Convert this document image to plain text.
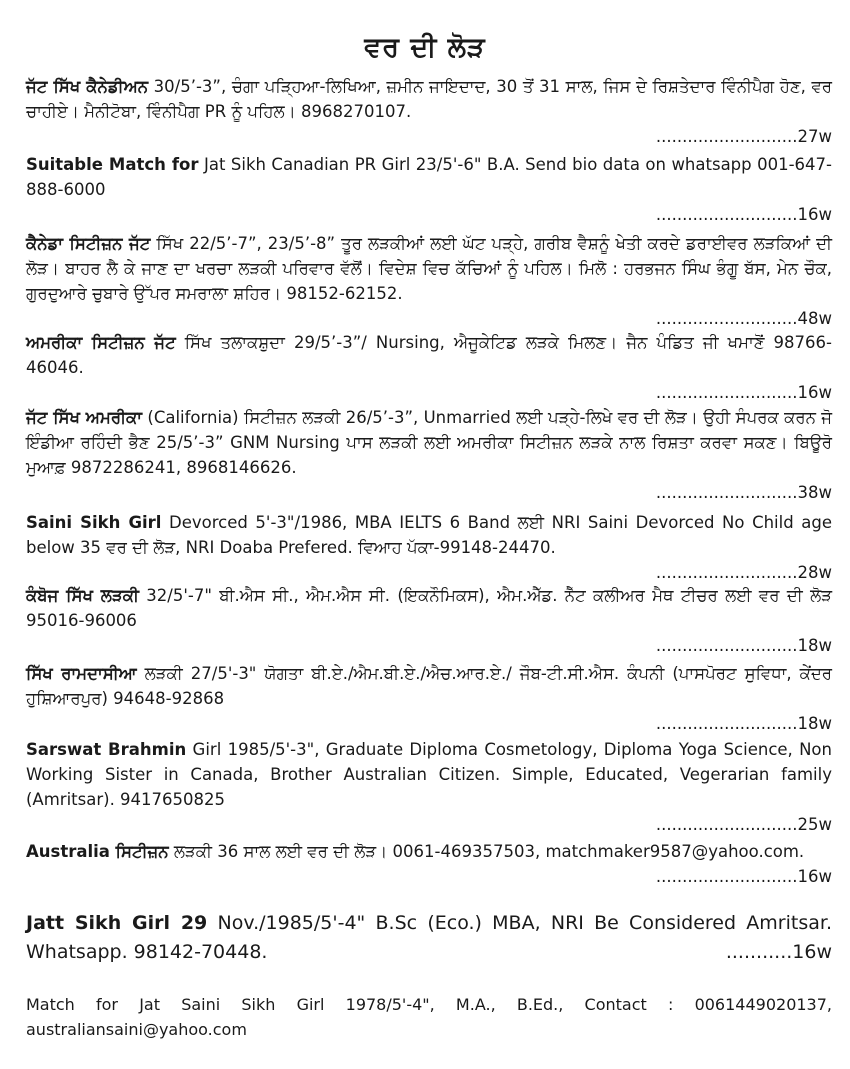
ਵਰ ਦੀ ਲੋੜ
ਜੱਟ ਸਿੱਖ ਕੈਨੇਡੀਅਨ 30/5’-3”, ਚੰਗਾ ਪੜ੍ਹਿਆ-ਲਿਖਿਆ, ਜ਼ਮੀਨ ਜਾਇਦਾਦ, 30 ਤੋਂ 31 ਸਾਲ, ਜਿਸ ਦੇ ਰਿਸ਼ਤੇਦਾਰ ਵਿੰਨੀਪੈਗ ਹੋਣ, ਵਰ ਚਾਹੀਏ। ਮੈਨੀਟੋਬਾ, ਵਿੰਨੀਪੈਗ PR ਨੂੰ ਪਹਿਲ। 8968270107.
...........................27w
Suitable Match for Jat Sikh Canadian PR Girl 23/5'-6" B.A. Send bio data on whatsapp 001-647-888-6000
...........................16w
ਕੈਨੇਡਾ ਸਿਟੀਜ਼ਨ ਜੱਟ ਸਿੱਖ 22/5’-7”, 23/5’-8” ਤੂਰ ਲੜਕੀਆਂ ਲਈ ਘੱਟ ਪੜ੍ਹੇ, ਗਰੀਬ ਵੈਸ਼ਨੂੰ ਖੇਤੀ ਕਰਦੇ ਡਰਾਈਵਰ ਲੜਕਿਆਂ ਦੀ ਲੋੜ। ਬਾਹਰ ਲੈ ਕੇ ਜਾਣ ਦਾ ਖਰਚਾ ਲੜਕੀ ਪਰਿਵਾਰ ਵੱਲੋਂ। ਵਿਦੇਸ਼ ਵਿਚ ਕੱਚਿਆਂ ਨੂੰ ਪਹਿਲ। ਮਿਲੋ : ਹਰਭਜਨ ਸਿੰਘ ਭੰਗੂ ਬੱਸ, ਮੇਨ ਚੌਕ, ਗੁਰਦੁਆਰੇ ਚੁਬਾਰੇ ਉੱਪਰ ਸਮਰਾਲਾ ਸ਼ਹਿਰ। 98152-62152.
...........................48w
ਅਮਰੀਕਾ ਸਿਟੀਜ਼ਨ ਜੱਟ ਸਿੱਖ ਤਲਾਕਸ਼ੁਦਾ 29/5’-3”/ Nursing, ਐਜੂਕੇਟਿਡ ਲੜਕੇ ਮਿਲਣ। ਜੈਨ ਪੰਡਿਤ ਜੀ ਖਮਾਣੋਂ 98766-46046.
...........................16w
ਜੱਟ ਸਿੱਖ ਅਮਰੀਕਾ (California) ਸਿਟੀਜ਼ਨ ਲੜਕੀ 26/5’-3”, Unmarried ਲਈ ਪੜ੍ਹੇ-ਲਿਖੇ ਵਰ ਦੀ ਲੋੜ। ਉਹੀ ਸੰਪਰਕ ਕਰਨ ਜੋ ਇੰਡੀਆ ਰਹਿੰਦੀ ਭੈਣ 25/5’-3” GNM Nursing ਪਾਸ ਲੜਕੀ ਲਈ ਅਮਰੀਕਾ ਸਿਟੀਜ਼ਨ ਲੜਕੇ ਨਾਲ ਰਿਸ਼ਤਾ ਕਰਵਾ ਸਕਣ। ਬਿਊਰੋ ਮੁਆਫ਼ 9872286241, 8968146626.
...........................38w
Saini Sikh Girl Devorced 5'-3"/1986, MBA IELTS 6 Band ਲਈ NRI Saini Devorced No Child age below 35 ਵਰ ਦੀ ਲੋੜ, NRI Doaba Prefered. ਵਿਆਹ ਪੱਕਾ-99148-24470.
...........................28w
ਕੰਬੋਜ ਸਿੱਖ ਲੜਕੀ 32/5'-7" ਬੀ.ਐਸ ਸੀ., ਐਮ.ਐਸ ਸੀ. (ਇਕਨੌਮਿਕਸ), ਐਮ.ਐੱਡ. ਨੈੱਟ ਕਲੀਅਰ ਮੈਥ ਟੀਚਰ ਲਈ ਵਰ ਦੀ ਲੋੜ 95016-96006
...........................18w
ਸਿੱਖ ਰਾਮਦਾਸੀਆ ਲੜਕੀ 27/5'-3" ਯੋਗਤਾ ਬੀ.ਏ./ਐਮ.ਬੀ.ਏ./ਐਚ.ਆਰ.ਏ./ ਜੌਬ-ਟੀ.ਸੀ.ਐਸ. ਕੰਪਨੀ (ਪਾਸਪੋਰਟ ਸੁਵਿਧਾ, ਕੇਂਦਰ ਹੁਸ਼ਿਆਰਪੁਰ) 94648-92868
...........................18w
Sarswat Brahmin Girl 1985/5'-3", Graduate Diploma Cosmetology, Diploma Yoga Science, Non Working Sister in Canada, Brother Australian Citizen. Simple, Educated, Vegerarian family (Amritsar). 9417650825
...........................25w
Australia ਸਿਟੀਜ਼ਨ ਲੜਕੀ 36 ਸਾਲ ਲਈ ਵਰ ਦੀ ਲੋੜ। 0061-469357503, matchmaker9587@yahoo.com.
...........................16w
Jatt Sikh Girl 29 Nov./1985/5'-4" B.Sc (Eco.) MBA, NRI Be Considered Amritsar. Whatsapp. 98142-70448.	...........16w
Match for Jat Saini Sikh Girl 1978/5'-4", M.A., B.Ed., Contact : 0061449020137, australiansaini@yahoo.com
